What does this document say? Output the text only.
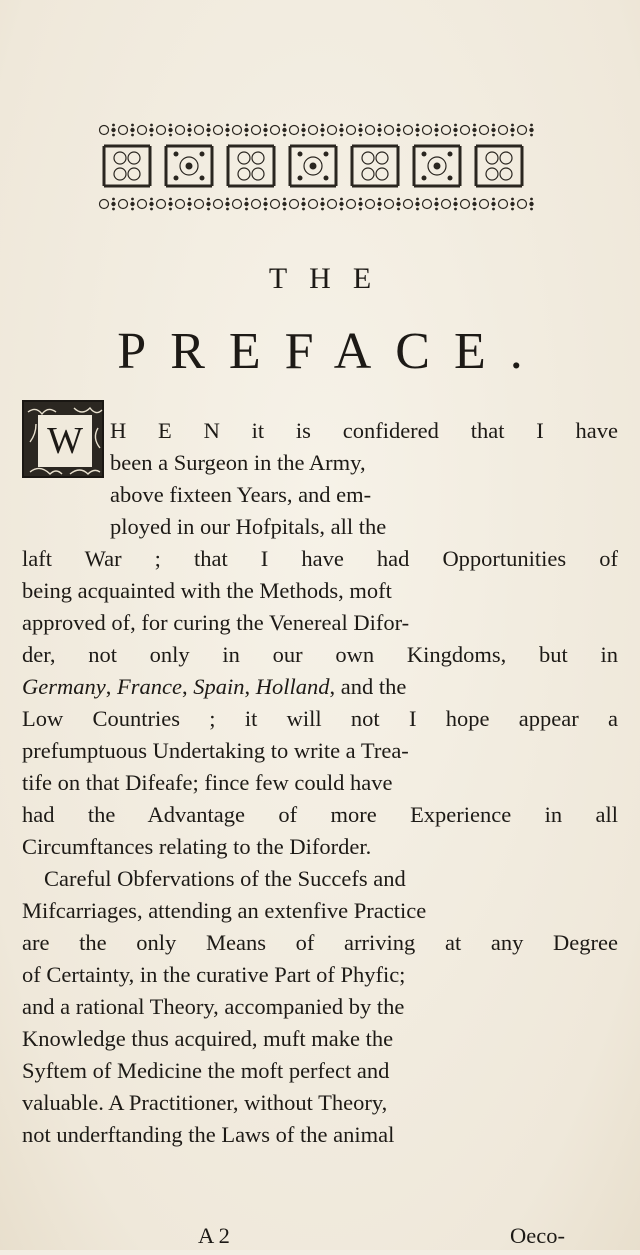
THE
PREFACE.
W	H E N it is confidered that I have
been a Surgeon in the Army,
above fixteen Years, and em-
ployed in our Hofpitals, all the
laft War ; that I have had Opportunities of
being acquainted with the Methods, moft
approved of, for curing the Venereal Difor-
der, not only in our own Kingdoms, but in
Germany, France, Spain, Holland, and the
Low Countries ; it will not I hope appear a
prefumptuous Undertaking to write a Trea-
tife on that Difeafe; fince few could have
had the Advantage of more Experience in all
Circumftances relating to the Diforder.
Careful Obfervations of the Succefs and
Mifcarriages, attending an extenfive Practice
are the only Means of arriving at any Degree
of Certainty, in the curative Part of Phyfic;
and a rational Theory, accompanied by the
Knowledge thus acquired, muft make the
Syftem of Medicine the moft perfect and
valuable. A Practitioner, without Theory,
not underftanding the Laws of the animal
A 2	Oeco-
